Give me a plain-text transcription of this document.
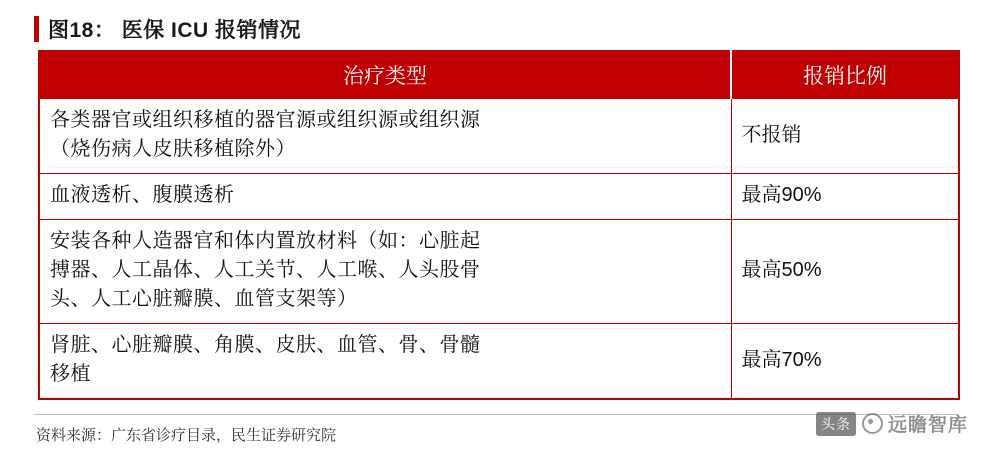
图18： 医保 ICU 报销情况
治疗类型	报销比例

各类器官或组织移植的器官源或组织源或组织源
（烧伤病人皮肤移植除外）	不报销

血液透析、腹膜透析	最高90%

安装各种人造器官和体内置放材料（如：心脏起
搏器、人工晶体、人工关节、人工喉、人头股骨
头、人工心脏瓣膜、血管支架等）	最高50%

肾脏、心脏瓣膜、角膜、皮肤、血管、骨、骨髓
移植	最高70%
资料来源：广东省诊疗目录，民生证券研究院
头条 远瞻智库
